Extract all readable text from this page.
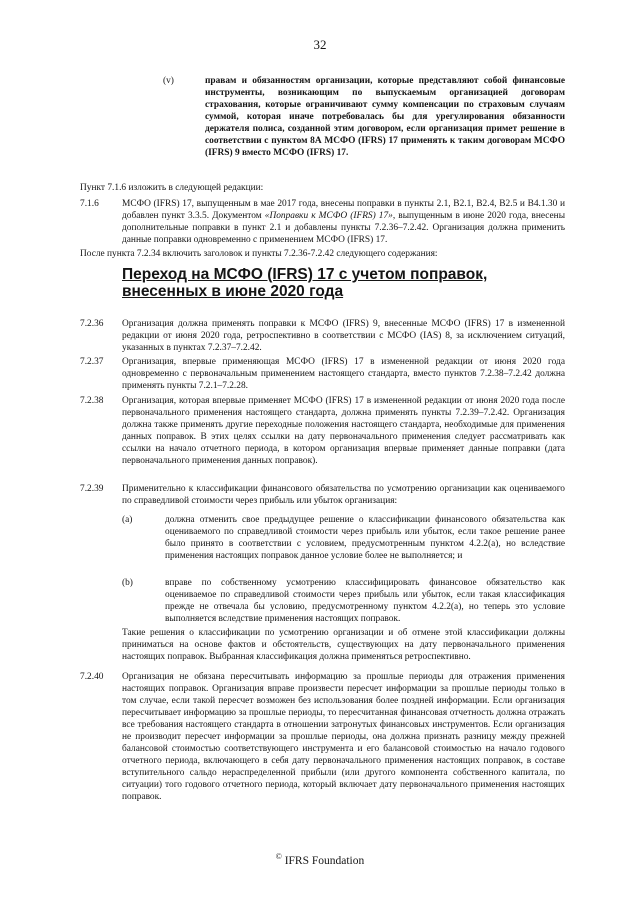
32
(v)	правам и обязанностям организации, которые представляют собой финансовые инструменты, возникающим по выпускаемым организацией договорам страхования, которые ограничивают сумму компенсации по страховым случаям суммой, которая иначе потребовалась бы для урегулирования обязанности держателя полиса, созданной этим договором, если организация примет решение в соответствии с пунктом 8А МСФО (IFRS) 17 применять к таким договорам МСФО (IFRS) 9 вместо МСФО (IFRS) 17.

Пункт 7.1.6 изложить в следующей редакции:

7.1.6 МСФО (IFRS) 17, выпущенным в мае 2017 года, внесены поправки в пункты 2.1, В2.1, В2.4, В2.5 и В4.1.30 и добавлен пункт 3.3.5. Документом «Поправки к МСФО (IFRS) 17», выпущенным в июне 2020 года, внесены дополнительные поправки в пункт 2.1 и добавлены пункты 7.2.36–7.2.42. Организация должна применить данные поправки одновременно с применением МСФО (IFRS) 17.

После пункта 7.2.34 включить заголовок и пункты 7.2.36-7.2.42 следующего содержания:

Переход на МСФО (IFRS) 17 с учетом поправок, внесенных в июне 2020 года
7.2.36 Организация должна применять поправки к МСФО (IFRS) 9, внесенные МСФО (IFRS) 17 в измененной редакции от июня 2020 года, ретроспективно в соответствии с МСФО (IAS) 8, за исключением ситуаций, указанных в пунктах 7.2.37–7.2.42.

7.2.37 Организация, впервые применяющая МСФО (IFRS) 17 в измененной редакции от июня 2020 года одновременно с первоначальным применением настоящего стандарта, вместо пунктов 7.2.38–7.2.42 должна применять пункты 7.2.1–7.2.28.

7.2.38 Организация, которая впервые применяет МСФО (IFRS) 17 в измененной редакции от июня 2020 года после первоначального применения настоящего стандарта, должна применять пункты 7.2.39–7.2.42. Организация должна также применять другие переходные положения настоящего стандарта, необходимые для применения данных поправок. В этих целях ссылки на дату первоначального применения следует рассматривать как ссылки на начало отчетного периода, в котором организация впервые применяет данные поправки (дата первоначального применения данных поправок).

7.2.39 Применительно к классификации финансового обязательства по усмотрению организации как оцениваемого по справедливой стоимости через прибыль или убыток организация:

(a)	должна отменить свое предыдущее решение о классификации финансового обязательства как оцениваемого по справедливой стоимости через прибыль или убыток, если такое решение ранее было принято в соответствии с условием, предусмотренным пунктом 4.2.2(а), но вследствие применения настоящих поправок данное условие более не выполняется; и

(b)	вправе по собственному усмотрению классифицировать финансовое обязательство как оцениваемое по справедливой стоимости через прибыль или убыток, если такая классификация прежде не отвечала бы условию, предусмотренному пунктом 4.2.2(а), но теперь это условие выполняется вследствие применения настоящих поправок.

Такие решения о классификации по усмотрению организации и об отмене этой классификации должны приниматься на основе фактов и обстоятельств, существующих на дату первоначального применения настоящих поправок. Выбранная классификация должна применяться ретроспективно.

7.2.40 Организация не обязана пересчитывать информацию за прошлые периоды для отражения применения настоящих поправок. Организация вправе произвести пересчет информации за прошлые периоды только в том случае, если такой пересчет возможен без использования более поздней информации. Если организация пересчитывает информацию за прошлые периоды, то пересчитанная финансовая отчетность должна отражать все требования настоящего стандарта в отношении затронутых финансовых инструментов. Если организация не производит пересчет информации за прошлые периоды, она должна признать разницу между прежней балансовой стоимостью соответствующего инструмента и его балансовой стоимостью на начало годового отчетного периода, включающего в себя дату первоначального применения настоящих поправок, в составе вступительного сальдо нераспределенной прибыли (или другого компонента собственного капитала, по ситуации) того годового отчетного периода, который включает дату первоначального применения настоящих поправок.

© IFRS Foundation
